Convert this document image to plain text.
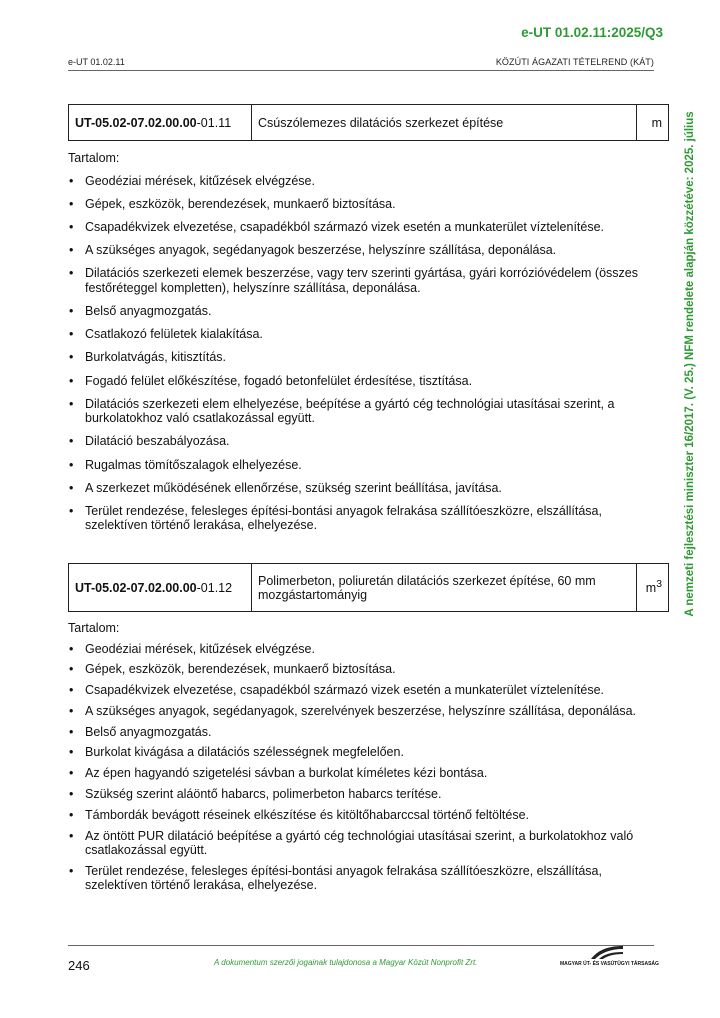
e-UT 01.02.11:2025/Q3
e-UT 01.02.11	KÖZÚTI ÁGAZATI TÉTELREND (KÁT)
A nemzeti fejlesztési miniszter 16/2017. (V. 25.) NFM rendelete alapján közzétéve: 2025. július
UT-05.02-07.02.00.00-01.11	Csúszólemezes dilatációs szerkezet építése	m
Tartalom:
• Geodéziai mérések, kitűzések elvégzése.
• Gépek, eszközök, berendezések, munkaerő biztosítása.
• Csapadékvizek elvezetése, csapadékból származó vizek esetén a munkaterület víztelenítése.
• A szükséges anyagok, segédanyagok beszerzése, helyszínre szállítása, deponálása.
• Dilatációs szerkezeti elemek beszerzése, vagy terv szerinti gyártása, gyári korrózióvédelem (összes festőréteggel kompletten), helyszínre szállítása, deponálása.
• Belső anyagmozgatás.
• Csatlakozó felületek kialakítása.
• Burkolatvágás, kitisztítás.
• Fogadó felület előkészítése, fogadó betonfelület érdesítése, tisztítása.
• Dilatációs szerkezeti elem elhelyezése, beépítése a gyártó cég technológiai utasításai szerint, a burkolatokhoz való csatlakozással együtt.
• Dilatáció beszabályozása.
• Rugalmas tömítőszalagok elhelyezése.
• A szerkezet működésének ellenőrzése, szükség szerint beállítása, javítása.
• Terület rendezése, felesleges építési-bontási anyagok felrakása szállítóeszközre, elszállítása, szelektíven történő lerakása, elhelyezése.
UT-05.02-07.02.00.00-01.12	Polimerbeton, poliuretán dilatációs szerkezet építése, 60 mm mozgástartományig	$m^3$
Tartalom:
• Geodéziai mérések, kitűzések elvégzése.
• Gépek, eszközök, berendezések, munkaerő biztosítása.
• Csapadékvizek elvezetése, csapadékból származó vizek esetén a munkaterület víztelenítése.
• A szükséges anyagok, segédanyagok, szerelvények beszerzése, helyszínre szállítása, deponálása.
• Belső anyagmozgatás.
• Burkolat kivágása a dilatációs szélességnek megfelelően.
• Az épen hagyandó szigetelési sávban a burkolat kíméletes kézi bontása.
• Szükség szerint aláöntő habarcs, polimerbeton habarcs terítése.
• Támbordák bevágott réseinek elkészítése és kitöltőhabarccsal történő feltöltése.
• Az öntött PUR dilatáció beépítése a gyártó cég technológiai utasításai szerint, a burkolatokhoz való csatlakozással együtt.
• Terület rendezése, felesleges építési-bontási anyagok felrakása szállítóeszközre, elszállítása, szelektíven történő lerakása, elhelyezése.
246	A dokumentum szerzői jogainak tulajdonosa a Magyar Közút Nonprofit Zrt.	MAGYAR ÚT- ÉS VASÚTÜGYI TÁRSASÁG
